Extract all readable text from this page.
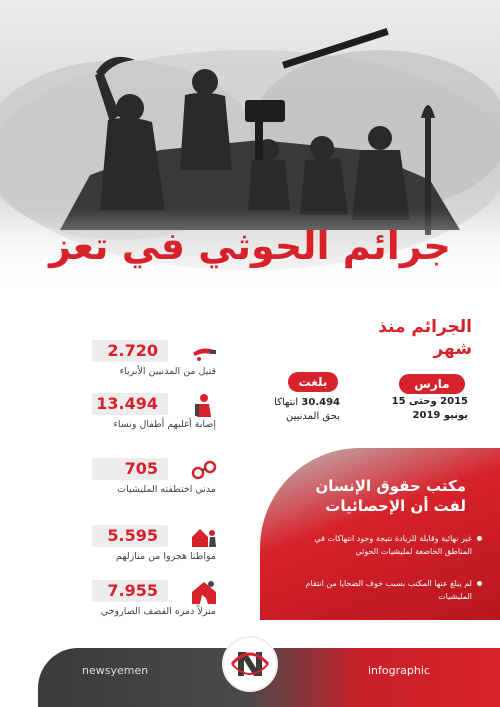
جرائم الحوثي في تعز
الجرائم منذ شهر
مارس
2015 وحتى 15
يونيو 2019
بلغت
30.494 انتهاكا
بحق المدنيين
2.720
قتيل من المدنيين الأبرياء
13.494
إصابة أغلبهم أطفال ونساء
705
مدني اختطفته المليشيات
5.595
مواطنا هجروا من منازلهم
7.955
منزلاً دمره القصف الصاروخي
مكتب حقوق الإنسان
لفت أن الإحصائيات
غير نهائية وقابلة للزيادة نتيجة وجود انتهاكات في المناطق الخاضعة لمليشيات الحوثي
لم يبلغ عنها المكتب بسبب خوف الضحايا من انتقام المليشيات
newsyemen	infographic
